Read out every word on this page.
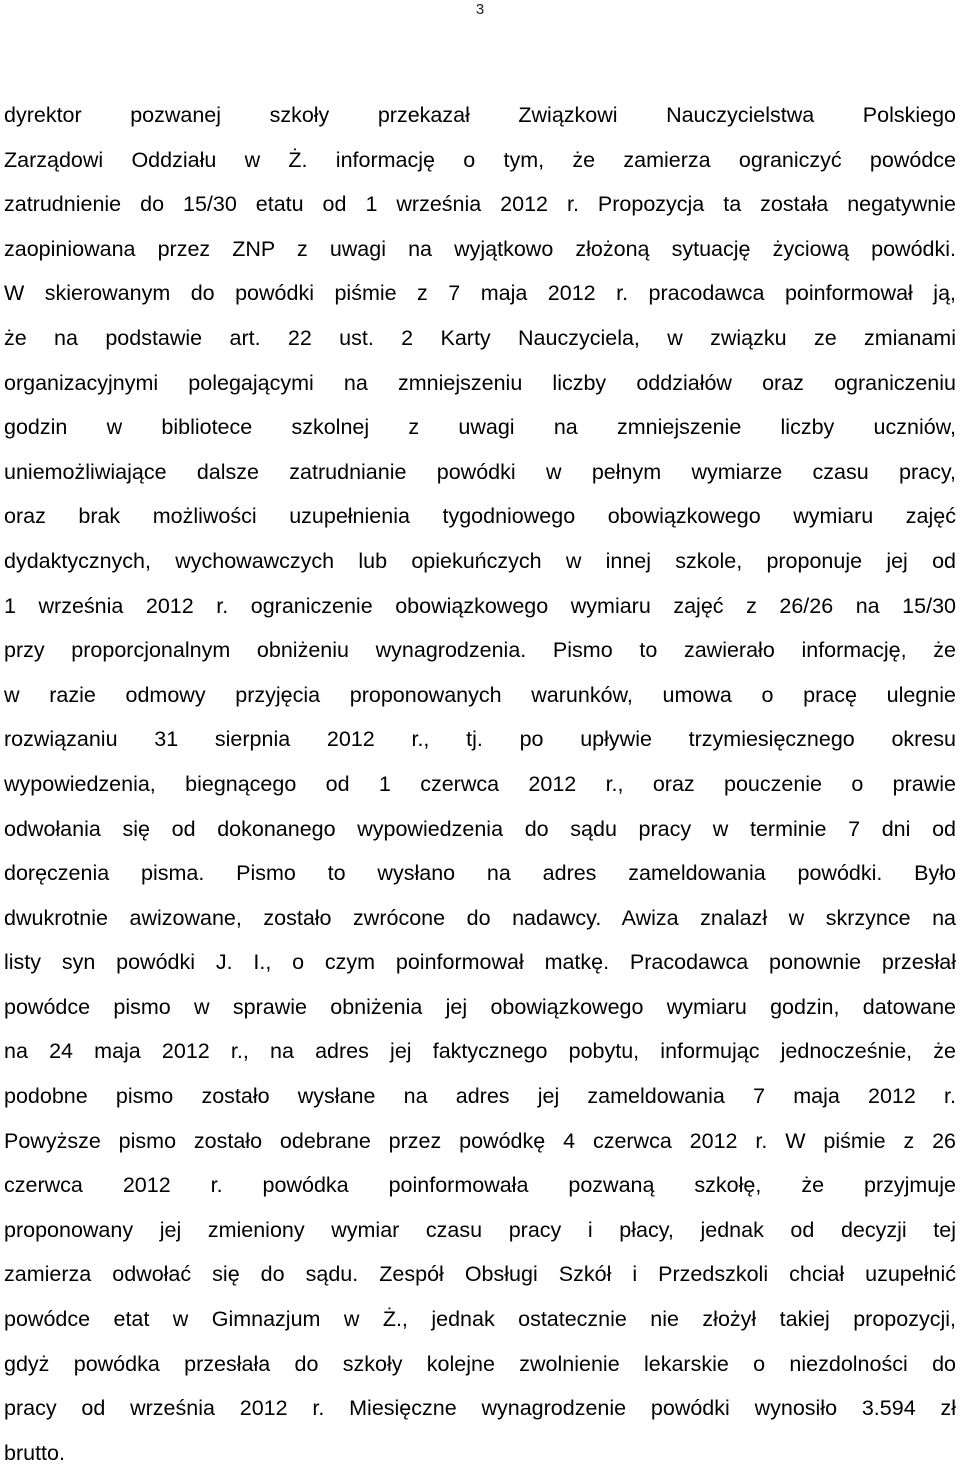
3
dyrektor pozwanej szkoły przekazał Związkowi Nauczycielstwa Polskiego
Zarządowi Oddziału w Ż. informację o tym, że zamierza ograniczyć powódce
zatrudnienie do 15/30 etatu od 1 września 2012 r. Propozycja ta została negatywnie
zaopiniowana przez ZNP z uwagi na wyjątkowo złożoną sytuację życiową powódki.
W skierowanym do powódki piśmie z 7 maja 2012 r. pracodawca poinformował ją,
że na podstawie art. 22 ust. 2 Karty Nauczyciela, w związku ze zmianami
organizacyjnymi polegającymi na zmniejszeniu liczby oddziałów oraz ograniczeniu
godzin w bibliotece szkolnej z uwagi na zmniejszenie liczby uczniów,
uniemożliwiające dalsze zatrudnianie powódki w pełnym wymiarze czasu pracy,
oraz brak możliwości uzupełnienia tygodniowego obowiązkowego wymiaru zajęć
dydaktycznych, wychowawczych lub opiekuńczych w innej szkole, proponuje jej od
1 września 2012 r. ograniczenie obowiązkowego wymiaru zajęć z 26/26 na 15/30
przy proporcjonalnym obniżeniu wynagrodzenia. Pismo to zawierało informację, że
w razie odmowy przyjęcia proponowanych warunków, umowa o pracę ulegnie
rozwiązaniu 31 sierpnia 2012 r., tj. po upływie trzymiesięcznego okresu
wypowiedzenia, biegnącego od 1 czerwca 2012 r., oraz pouczenie o prawie
odwołania się od dokonanego wypowiedzenia do sądu pracy w terminie 7 dni od
doręczenia pisma. Pismo to wysłano na adres zameldowania powódki. Było
dwukrotnie awizowane, zostało zwrócone do nadawcy. Awiza znalazł w skrzynce na
listy syn powódki J. I., o czym poinformował matkę. Pracodawca ponownie przesłał
powódce pismo w sprawie obniżenia jej obowiązkowego wymiaru godzin, datowane
na 24 maja 2012 r., na adres jej faktycznego pobytu, informując jednocześnie, że
podobne pismo zostało wysłane na adres jej zameldowania 7 maja 2012 r.
Powyższe pismo zostało odebrane przez powódkę 4 czerwca 2012 r. W piśmie z 26
czerwca 2012 r. powódka poinformowała pozwaną szkołę, że przyjmuje
proponowany jej zmieniony wymiar czasu pracy i płacy, jednak od decyzji tej
zamierza odwołać się do sądu. Zespół Obsługi Szkół i Przedszkoli chciał uzupełnić
powódce etat w Gimnazjum w Ż., jednak ostatecznie nie złożył takiej propozycji,
gdyż powódka przesłała do szkoły kolejne zwolnienie lekarskie o niezdolności do
pracy od września 2012 r. Miesięczne wynagrodzenie powódki wynosiło 3.594 zł
brutto.
